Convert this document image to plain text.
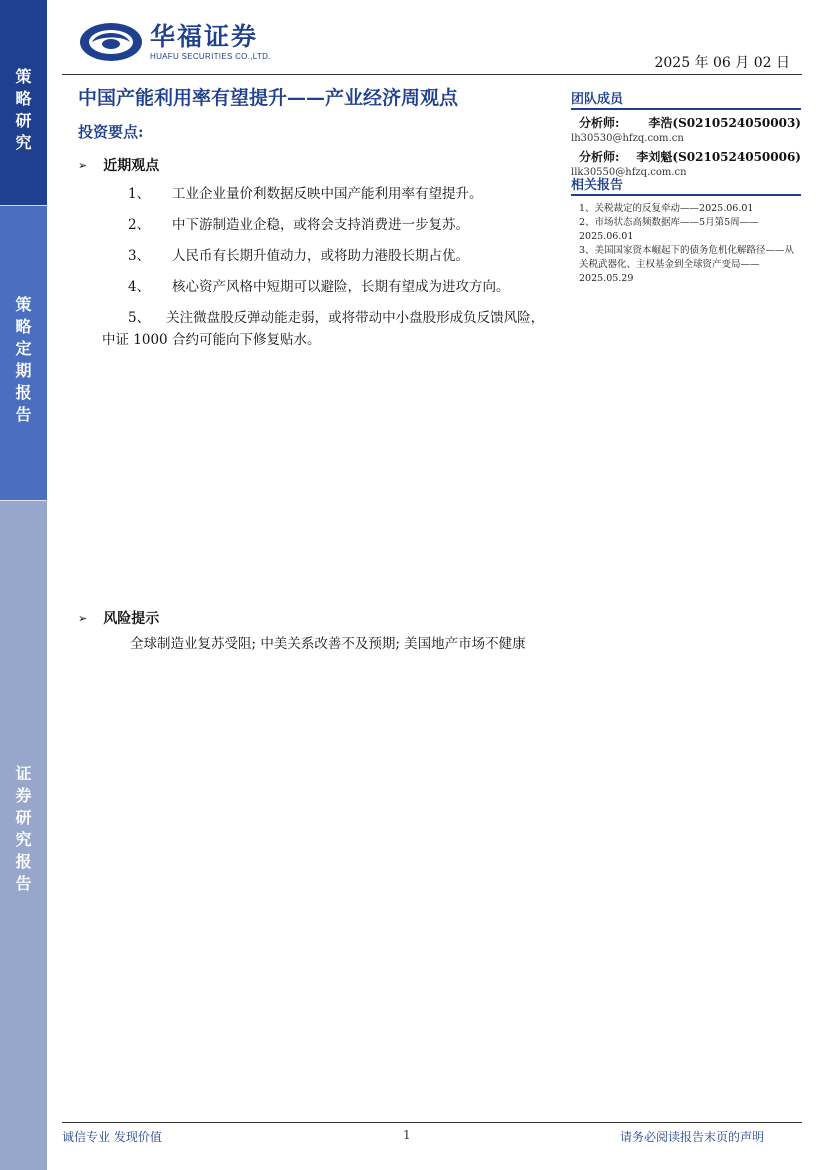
策略研究
策略定期报告
证券研究报告
华福证券
HUAFU SECURITIES CO.,LTD.	2025 年 06 月 02 日
中国产能利用率有望提升——产业经济周观点
投资要点:
➢ 近期观点
1、	工业企业量价利数据反映中国产能利用率有望提升。
2、	中下游制造业企稳，或将会支持消费进一步复苏。
3、	人民币有长期升值动力，或将助力港股长期占优。
4、	核心资产风格中短期可以避险，长期有望成为进攻方向。
5、 关注微盘股反弹动能走弱，或将带动中小盘股形成负反馈风险，中证 1000 合约可能向下修复贴水。
➢ 风险提示
全球制造业复苏受阻; 中美关系改善不及预期; 美国地产市场不健康
团队成员
分析师: 李浩(S0210524050003)
lh30530@hfzq.com.cn
分析师: 李刘魁(S0210524050006)
llk30550@hfzq.com.cn
相关报告
1、关税裁定的反复牵动——2025.06.01
2、市场状态高频数据库——5月第5周——2025.06.01
3、美国国家资本崛起下的债务危机化解路径——从关税武器化、主权基金到全球资产变局——2025.05.29
诚信专业 发现价值	1	请务必阅读报告末页的声明
